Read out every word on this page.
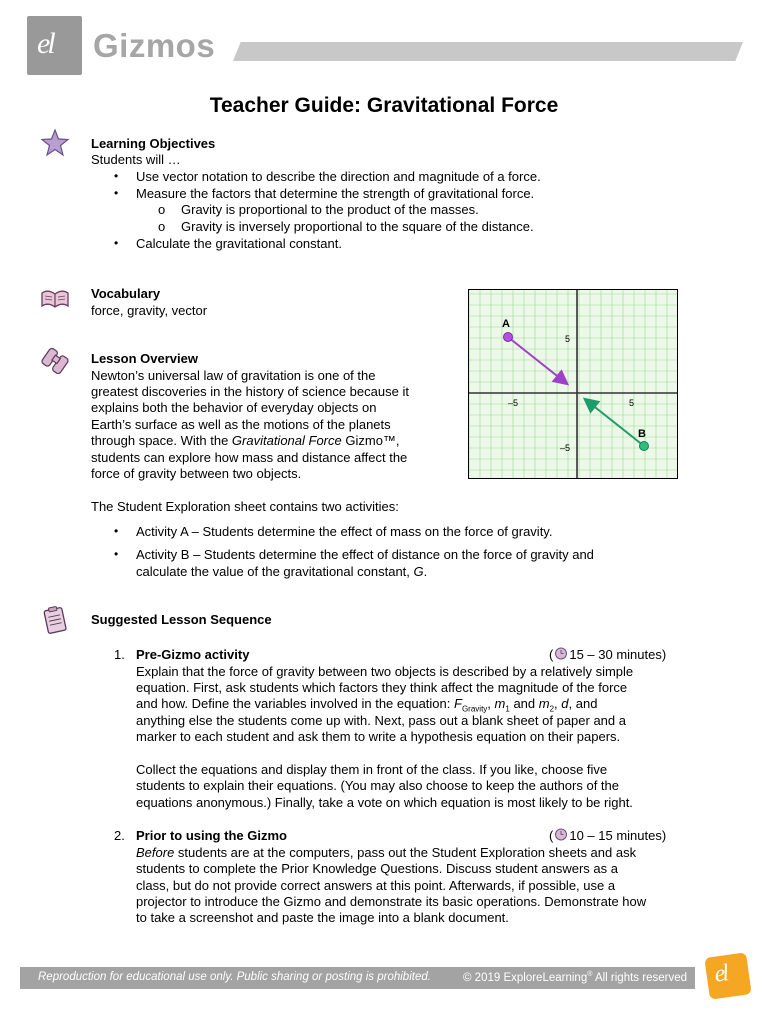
el Gizmos
Teacher Guide: Gravitational Force
Learning Objectives
Students will …
• Use vector notation to describe the direction and magnitude of a force.
• Measure the factors that determine the strength of gravitational force.
o Gravity is proportional to the product of the masses.
o Gravity is inversely proportional to the square of the distance.
• Calculate the gravitational constant.
Vocabulary
force, gravity, vector
Lesson Overview
Newton’s universal law of gravitation is one of the
greatest discoveries in the history of science because it
explains both the behavior of everyday objects on
Earth’s surface as well as the motions of the planets
through space. With the Gravitational Force Gizmo™,
students can explore how mass and distance affect the
force of gravity between two objects.
A
B
5
–5
–5	5
The Student Exploration sheet contains two activities:
• Activity A – Students determine the effect of mass on the force of gravity.
• Activity B – Students determine the effect of distance on the force of gravity and
calculate the value of the gravitational constant, G.
Suggested Lesson Sequence
1. Pre-Gizmo activity	( 15 – 30 minutes)
Explain that the force of gravity between two objects is described by a relatively simple
equation. First, ask students which factors they think affect the magnitude of the force
and how. Define the variables involved in the equation: $F_{Gravity}$, $m_1$ and $m_2$, d, and
anything else the students come up with. Next, pass out a blank sheet of paper and a
marker to each student and ask them to write a hypothesis equation on their papers.
Collect the equations and display them in front of the class. If you like, choose five
students to explain their equations. (You may also choose to keep the authors of the
equations anonymous.) Finally, take a vote on which equation is most likely to be right.
2. Prior to using the Gizmo	( 10 – 15 minutes)
Before students are at the computers, pass out the Student Exploration sheets and ask
students to complete the Prior Knowledge Questions. Discuss student answers as a
class, but do not provide correct answers at this point. Afterwards, if possible, use a
projector to introduce the Gizmo and demonstrate its basic operations. Demonstrate how
to take a screenshot and paste the image into a blank document.
Reproduction for educational use only. Public sharing or posting is prohibited.	© 2019 ExploreLearning® All rights reserved el
